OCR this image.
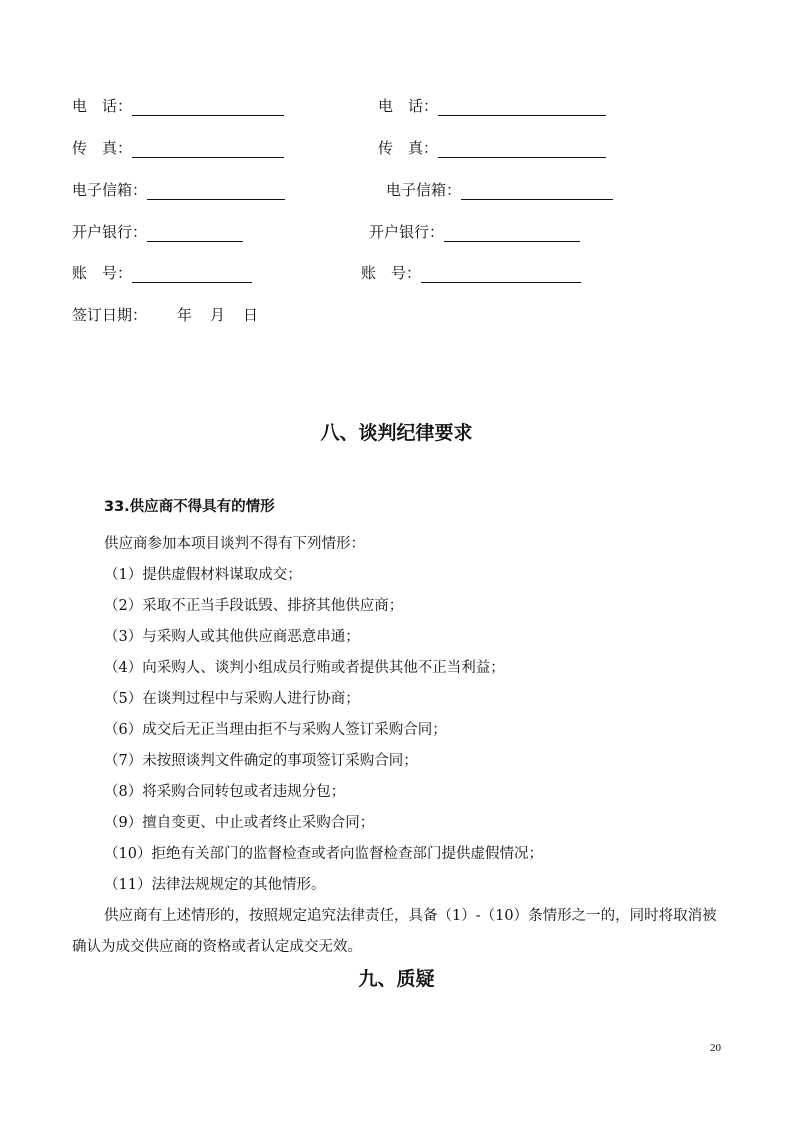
电　话：
传　真：
电子信箱：
开户银行：
账　号：
电　话：
传　真：
电子信箱：
开户银行：
账　号：
签订日期： 年 月 日
八、谈判纪律要求
33.供应商不得具有的情形

供应商参加本项目谈判不得有下列情形：

（1）提供虚假材料谋取成交；
（2）采取不正当手段诋毁、排挤其他供应商；
（3）与采购人或其他供应商恶意串通；
（4）向采购人、谈判小组成员行贿或者提供其他不正当利益；
（5）在谈判过程中与采购人进行协商；
（6）成交后无正当理由拒不与采购人签订采购合同；
（7）未按照谈判文件确定的事项签订采购合同；
（8）将采购合同转包或者违规分包；
（9）擅自变更、中止或者终止采购合同；
（10）拒绝有关部门的监督检查或者向监督检查部门提供虚假情况；
（11）法律法规规定的其他情形。

供应商有上述情形的，按照规定追究法律责任，具备（1）-（10）条情形之一的，同时将取消被确认为成交供应商的资格或者认定成交无效。

九、质疑
20
